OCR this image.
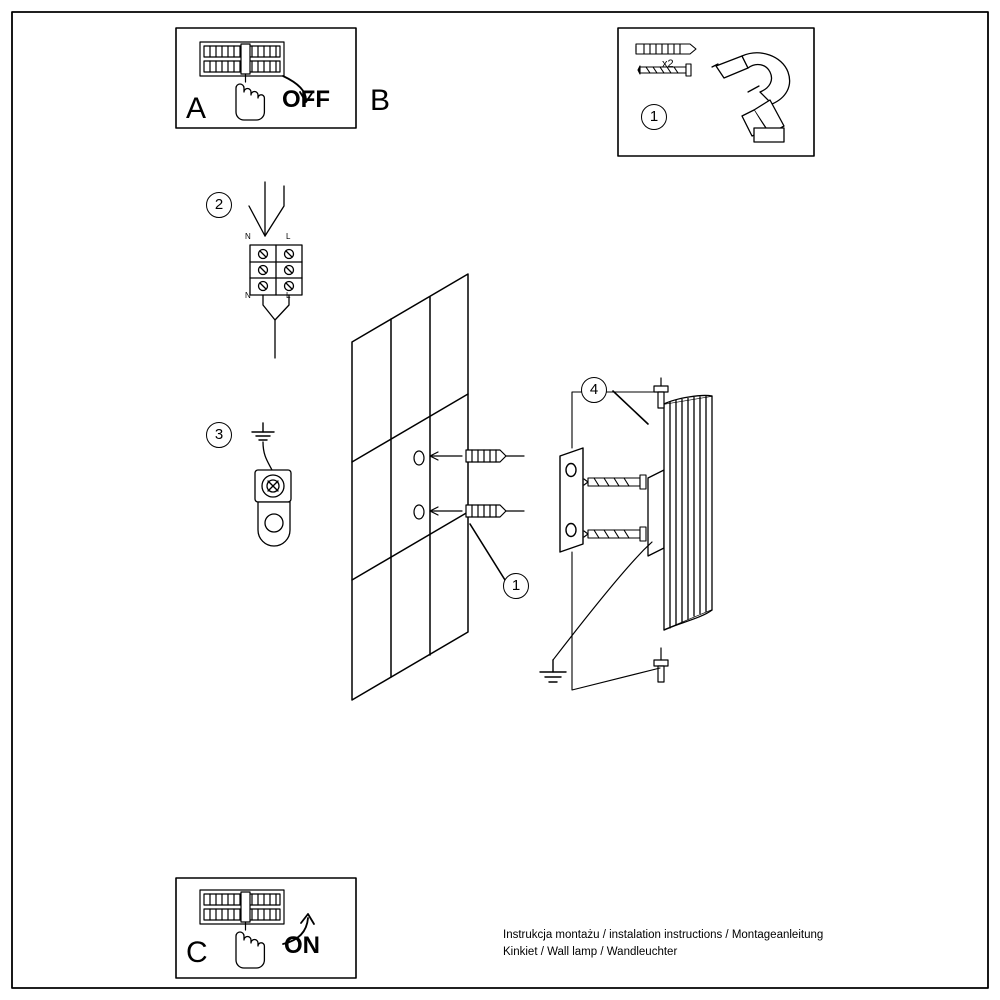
A	OFF B
C	ON
x2
1
2
3
1
4
N	L
N	L
Instrukcja montażu / instalation instructions / Montageanleitung
Kinkiet / Wall lamp / Wandleuchter
